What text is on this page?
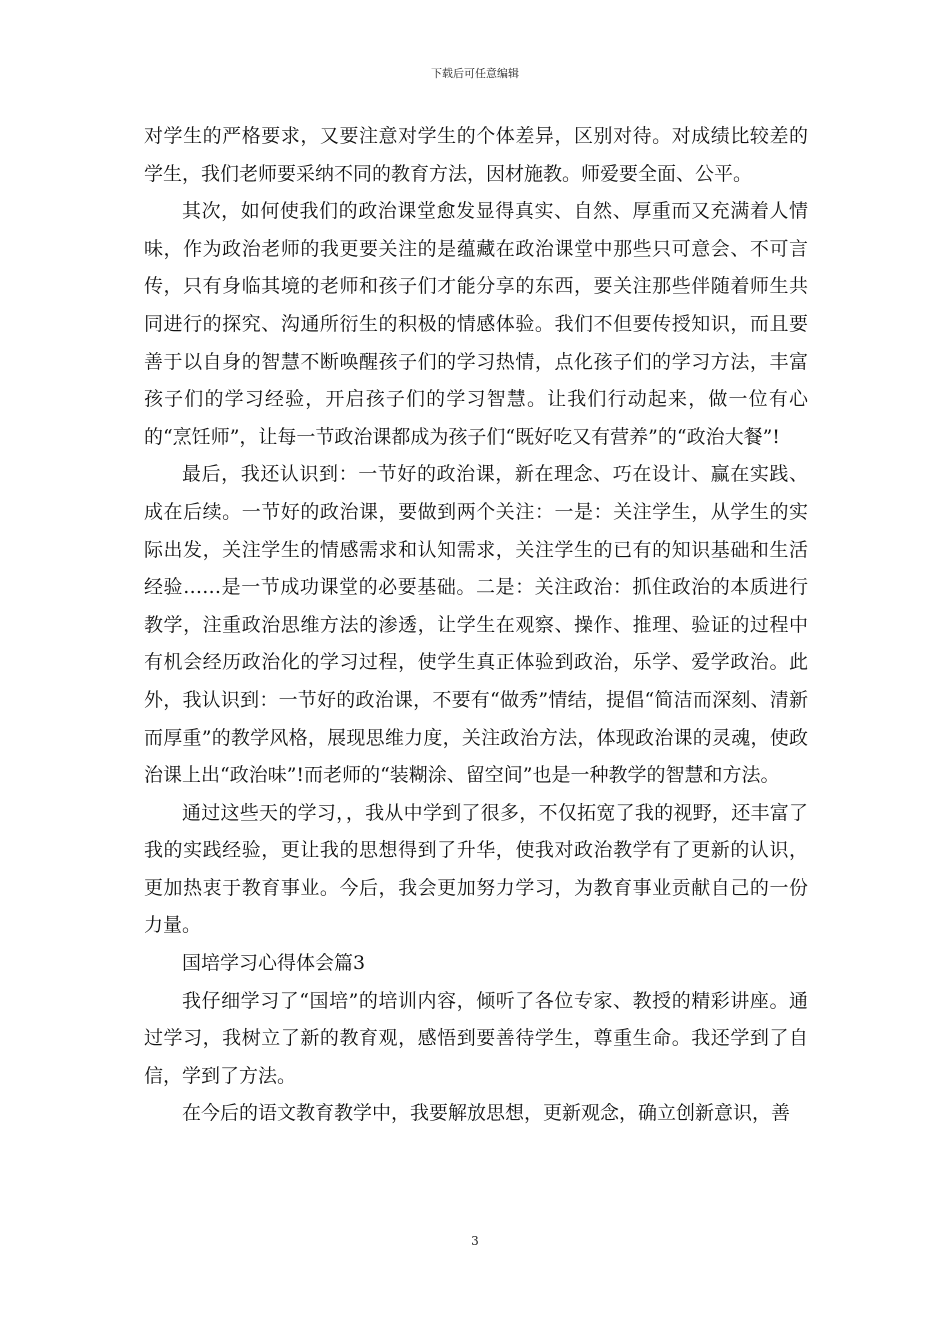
下载后可任意编辑

对学生的严格要求，又要注意对学生的个体差异，区别对待。对成绩比较差的学生，我们老师要采纳不同的教育方法，因材施教。师爱要全面、公平。

其次，如何使我们的政治课堂愈发显得真实、自然、厚重而又充满着人情味，作为政治老师的我更要关注的是蕴藏在政治课堂中那些只可意会、不可言传，只有身临其境的老师和孩子们才能分享的东西，要关注那些伴随着师生共同进行的探究、沟通所衍生的积极的情感体验。我们不但要传授知识，而且要善于以自身的智慧不断唤醒孩子们的学习热情，点化孩子们的学习方法，丰富孩子们的学习经验，开启孩子们的学习智慧。让我们行动起来，做一位有心的“烹饪师”，让每一节政治课都成为孩子们“既好吃又有营养”的“政治大餐”!

最后，我还认识到：一节好的政治课，新在理念、巧在设计、赢在实践、成在后续。一节好的政治课，要做到两个关注：一是：关注学生，从学生的实际出发，关注学生的情感需求和认知需求，关注学生的已有的知识基础和生活经验……是一节成功课堂的必要基础。二是：关注政治：抓住政治的本质进行教学，注重政治思维方法的渗透，让学生在观察、操作、推理、验证的过程中有机会经历政治化的学习过程，使学生真正体验到政治，乐学、爱学政治。此外，我认识到：一节好的政治课，不要有“做秀”情结，提倡“简洁而深刻、清新而厚重”的教学风格，展现思维力度，关注政治方法，体现政治课的灵魂，使政治课上出“政治味”!而老师的“装糊涂、留空间”也是一种教学的智慧和方法。

通过这些天的学习，，我从中学到了很多，不仅拓宽了我的视野，还丰富了我的实践经验，更让我的思想得到了升华，使我对政治教学有了更新的认识，更加热衷于教育事业。今后，我会更加努力学习，为教育事业贡献自己的一份力量。

国培学习心得体会篇3

我仔细学习了“国培”的培训内容，倾听了各位专家、教授的精彩讲座。通过学习，我树立了新的教育观，感悟到要善待学生，尊重生命。我还学到了自信，学到了方法。

在今后的语文教育教学中，我要解放思想，更新观念，确立创新意识，善

3
